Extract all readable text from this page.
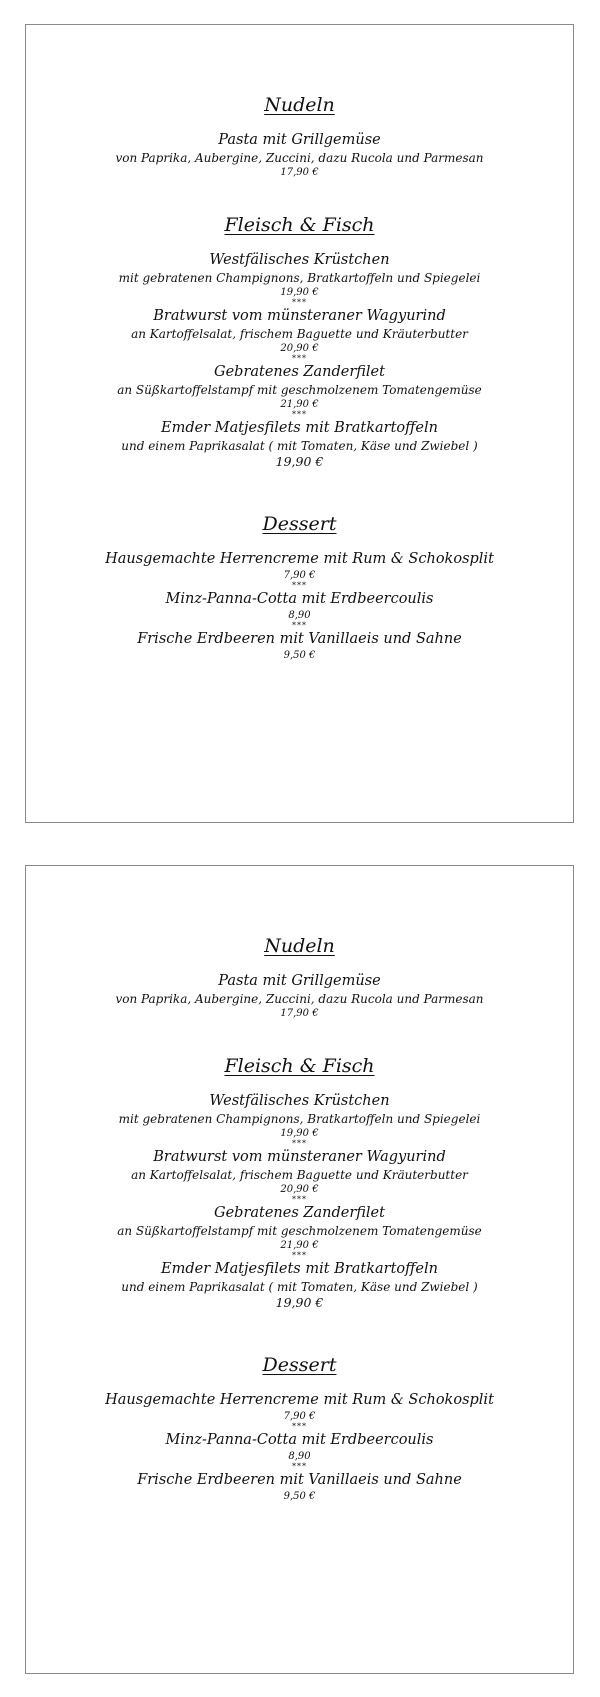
Nudeln
Pasta mit Grillgemüse
von Paprika, Aubergine, Zuccini, dazu Rucola und Parmesan
17,90 €
Fleisch & Fisch
Westfälisches Krüstchen
mit gebratenen Champignons, Bratkartoffeln und Spiegelei
19,90 €
***
Bratwurst vom münsteraner Wagyurind
an Kartoffelsalat, frischem Baguette und Kräuterbutter
20,90 €
***
Gebratenes Zanderfilet
an Süßkartoffelstampf mit geschmolzenem Tomatengemüse
21,90 €
***
Emder Matjesfilets mit Bratkartoffeln
und einem Paprikasalat ( mit Tomaten, Käse und Zwiebel )
19,90 €
Dessert
Hausgemachte Herrencreme mit Rum & Schokosplit
7,90 €
***
Minz-Panna-Cotta mit Erdbeercoulis
8,90
***
Frische Erdbeeren mit Vanillaeis und Sahne
9,50 €
Nudeln
Pasta mit Grillgemüse
von Paprika, Aubergine, Zuccini, dazu Rucola und Parmesan
17,90 €
Fleisch & Fisch
Westfälisches Krüstchen
mit gebratenen Champignons, Bratkartoffeln und Spiegelei
19,90 €
***
Bratwurst vom münsteraner Wagyurind
an Kartoffelsalat, frischem Baguette und Kräuterbutter
20,90 €
***
Gebratenes Zanderfilet
an Süßkartoffelstampf mit geschmolzenem Tomatengemüse
21,90 €
***
Emder Matjesfilets mit Bratkartoffeln
und einem Paprikasalat ( mit Tomaten, Käse und Zwiebel )
19,90 €
Dessert
Hausgemachte Herrencreme mit Rum & Schokosplit
7,90 €
***
Minz-Panna-Cotta mit Erdbeercoulis
8,90
***
Frische Erdbeeren mit Vanillaeis und Sahne
9,50 €
